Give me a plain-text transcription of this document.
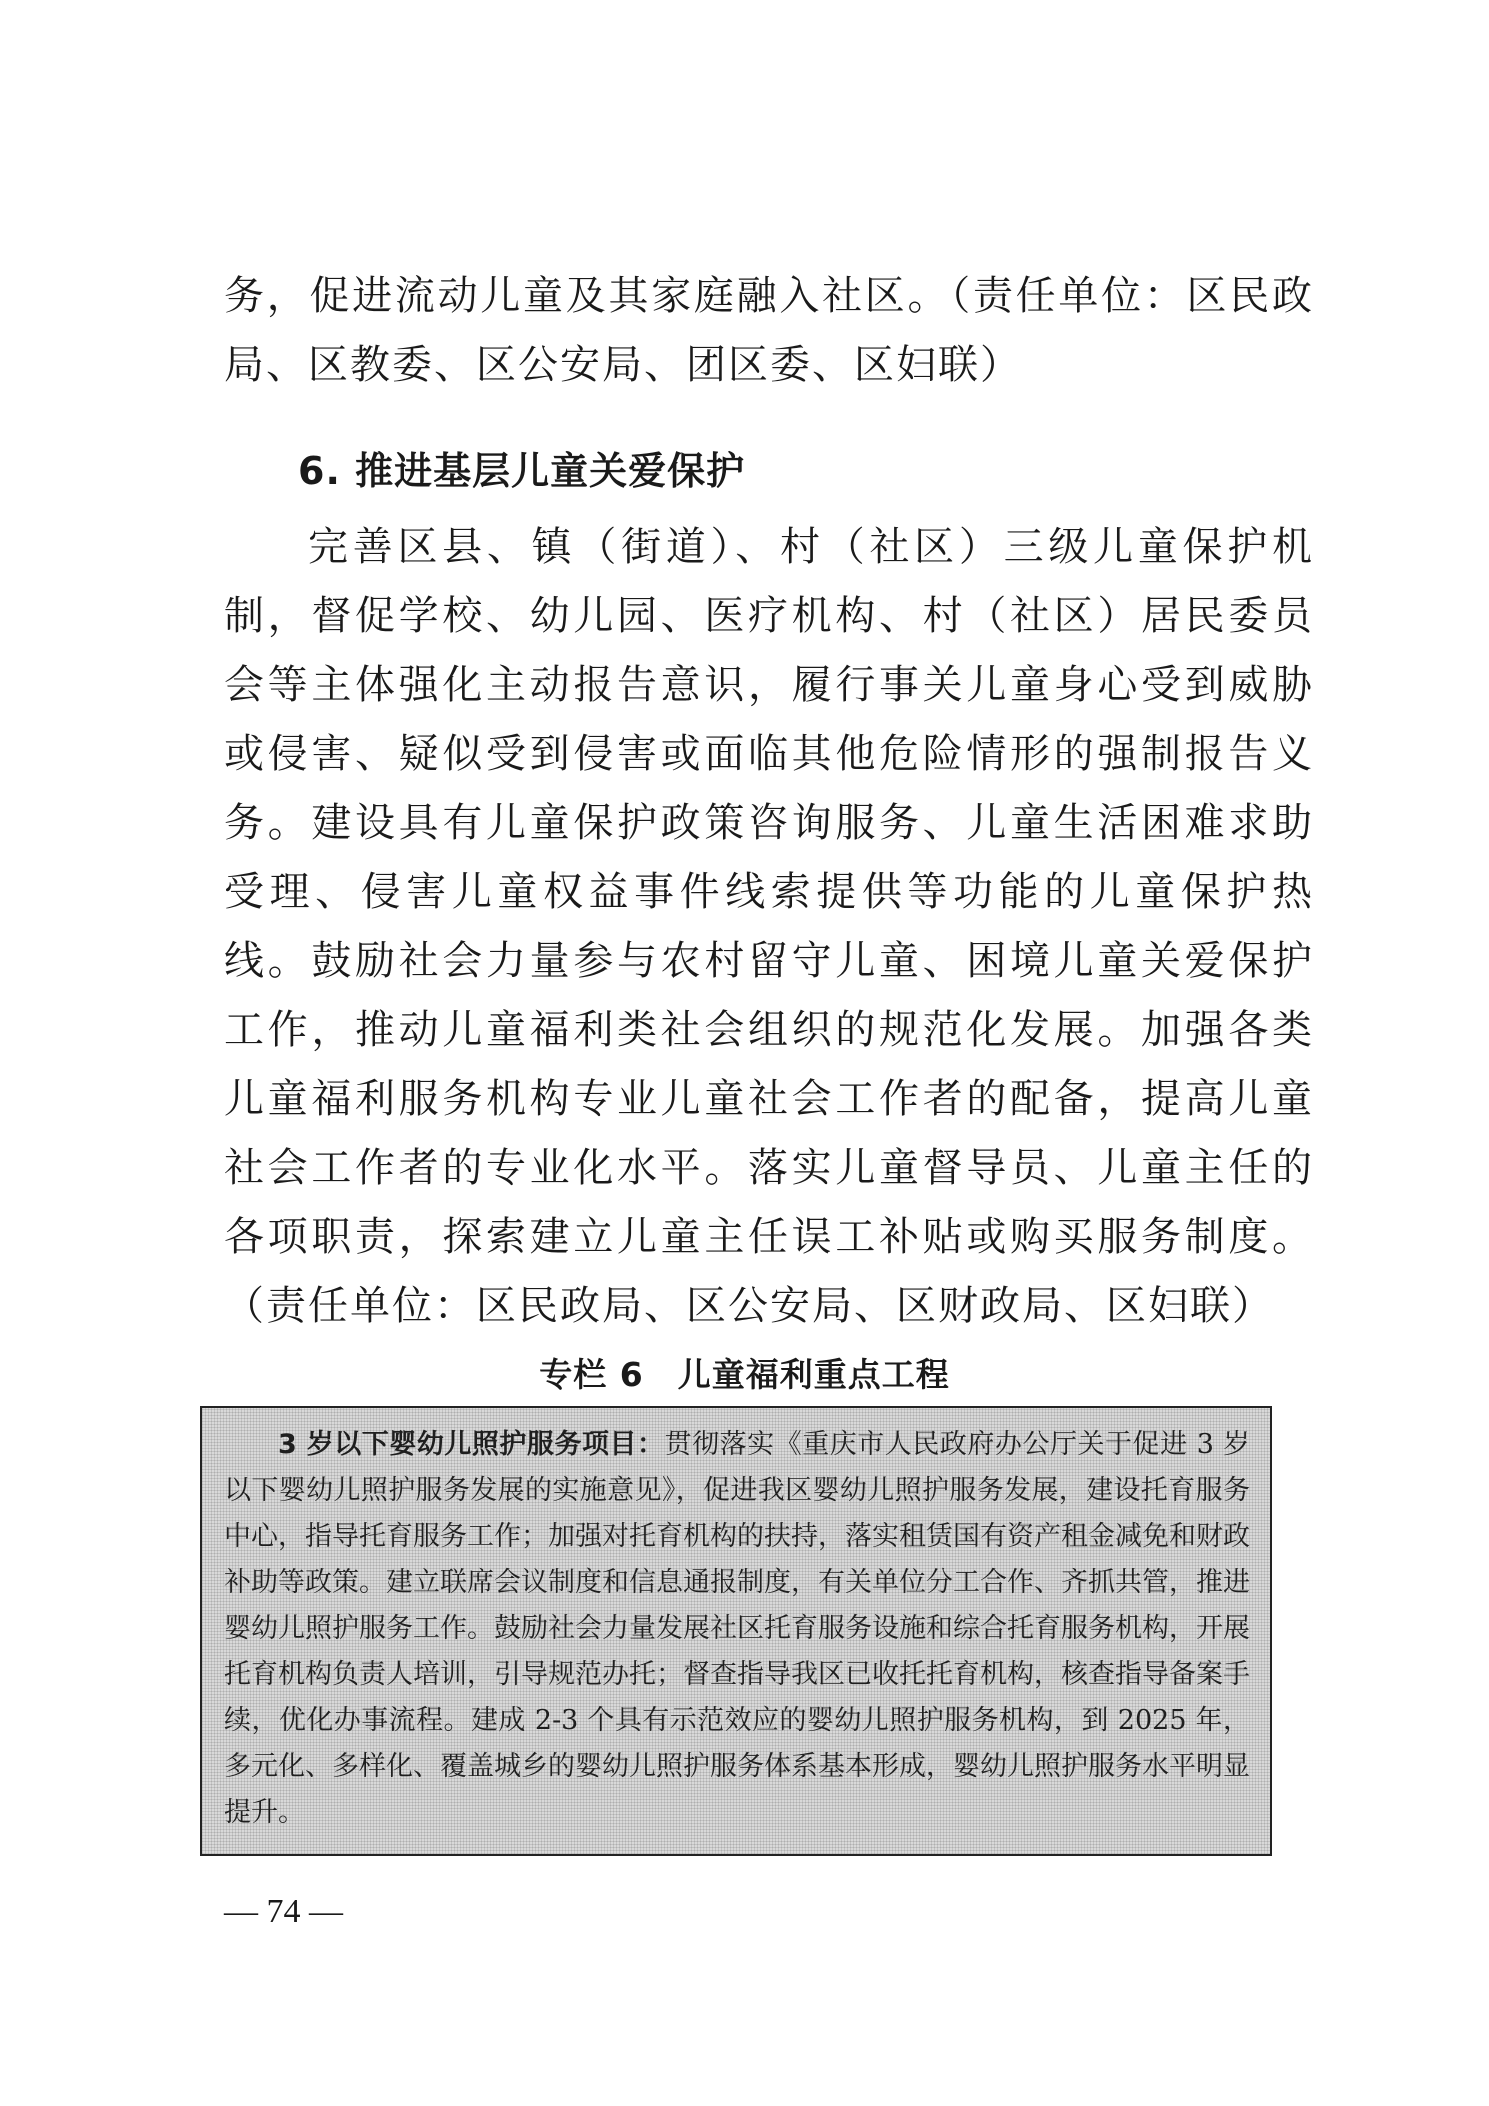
务，促进流动儿童及其家庭融入社区。（责任单位：区民政局、区教委、区公安局、团区委、区妇联）

6. 推进基层儿童关爱保护

完善区县、镇（街道）、村（社区）三级儿童保护机制，督促学校、幼儿园、医疗机构、村（社区）居民委员会等主体强化主动报告意识，履行事关儿童身心受到威胁或侵害、疑似受到侵害或面临其他危险情形的强制报告义务。建设具有儿童保护政策咨询服务、儿童生活困难求助受理、侵害儿童权益事件线索提供等功能的儿童保护热线。鼓励社会力量参与农村留守儿童、困境儿童关爱保护工作，推动儿童福利类社会组织的规范化发展。加强各类儿童福利服务机构专业儿童社会工作者的配备，提高儿童社会工作者的专业化水平。落实儿童督导员、儿童主任的各项职责，探索建立儿童主任误工补贴或购买服务制度。（责任单位：区民政局、区公安局、区财政局、区妇联）

专栏 6　儿童福利重点工程

3 岁以下婴幼儿照护服务项目：贯彻落实《重庆市人民政府办公厅关于促进 3 岁以下婴幼儿照护服务发展的实施意见》，促进我区婴幼儿照护服务发展，建设托育服务中心，指导托育服务工作；加强对托育机构的扶持，落实租赁国有资产租金减免和财政补助等政策。建立联席会议制度和信息通报制度，有关单位分工合作、齐抓共管，推进婴幼儿照护服务工作。鼓励社会力量发展社区托育服务设施和综合托育服务机构，开展托育机构负责人培训，引导规范办托；督查指导我区已收托托育机构，核查指导备案手续，优化办事流程。建成 2-3 个具有示范效应的婴幼儿照护服务机构，到 2025 年，多元化、多样化、覆盖城乡的婴幼儿照护服务体系基本形成，婴幼儿照护服务水平明显提升。

— 74 —
